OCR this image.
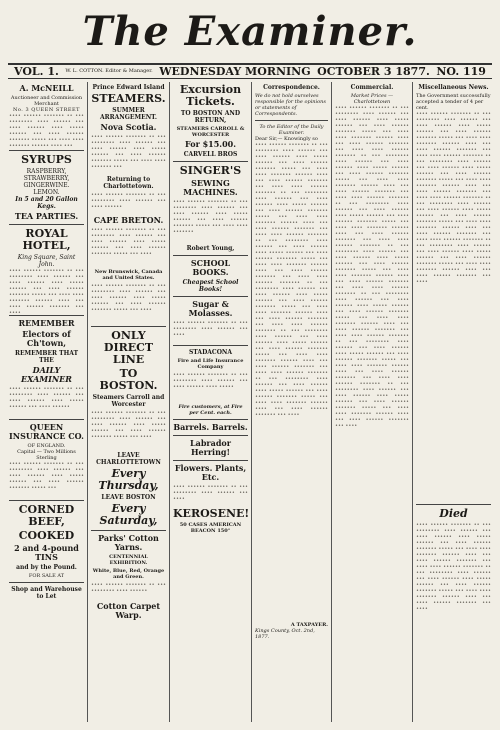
The Examiner.
VOL. 1. W. L. COTTON. Editor & Manager. WEDNESDAY MORNING OCTOBER 3 1877. NO. 119
A. McNEILL
Auctioneer and Commission Merchant
No. 3 QUEEN STREET
•••• •••••• ••••••• •• ••• •••••••• •••• •••••• ••• •••• •••••• •••• ••••• •••••• ••• •••• •••••• ••••••• ••••• ••• •••• •••• ••••••• •••••• •••• •••
SYRUPS
RASPBERRY,
STRAWBERRY,
GINGERWINE.
LEMON.
In 5 and 20 Gallon Kegs.
TEA PARTIES.
ROYAL HOTEL,
King Square, Saint John.
•••• •••••• ••••••• •• ••• •••••••• •••• •••••• ••• •••• •••••• •••• ••••• •••••• ••• •••• •••••• ••••••• ••••• ••• •••• •••• ••••••• •••••• •••• ••• •••• •••••• ••••••• ••• ••••
REMEMBER
Electors of Ch'town,
REMEMBER THAT THE
DAILY EXAMINER
•••• •••••• ••••••• •• ••• •••••••• •••• •••••• ••• •••• •••••• •••• ••••• •••••• ••• •••• ••••••
QUEEN INSURANCE CO.
OF ENGLAND.
Capital — Two Millions Sterling
•••• •••••• ••••••• •• ••• •••••••• •••• •••••• ••• •••• •••••• •••• ••••• •••••• ••• •••• •••••• ••••••• ••••• •••
CORNED BEEF,
COOKED
2 and 4-pound TINS
and by the Pound.
FOR SALE AT
Shop and Warehouse to Let
Prince Edward Island
STEAMERS.
SUMMER ARRANGEMENT.
Nova Scotia.
•••• •••••• ••••••• •• ••• •••••••• •••• •••••• ••• •••• •••••• •••• ••••• •••••• ••• •••• •••••• ••••••• ••••• ••• •••• •••• ••••••• •••
Returning to Charlottetown.
•••• •••••• ••••••• •• ••• •••••••• •••• •••••• ••• •••• ••••••
CAPE BRETON.
•••• •••••• ••••••• •• ••• •••••••• •••• •••••• ••• •••• •••••• •••• ••••• •••••• ••• •••• •••••• ••••••• ••••• ••• ••••
New Brunswick, Canada and United States.
•••• •••••• ••••••• •• ••• •••••••• •••• •••••• ••• •••• •••••• •••• ••••• •••••• ••• •••• •••••• ••••••• ••••• ••• ••••
ONLY DIRECT LINE
TO BOSTON.
Steamers Carroll and Worcester
•••• •••••• ••••••• •• ••• •••••••• •••• •••••• ••• •••• •••••• •••• ••••• •••••• ••• •••• •••••• ••••••• ••••• ••• ••••
LEAVE CHARLOTTETOWN
Every Thursday,
LEAVE BOSTON
Every Saturday,
Parks' Cotton Yarns.
CENTENNIAL EXHIBITION.
White, Blue, Red, Orange and Green.
•••• •••••• ••••••• •• ••• •••••••• •••• ••••••
Cotton Carpet Warp.
Excursion Tickets.
TO BOSTON AND RETURN,
STEAMERS CARROLL & WORCESTER
For $15.00.
CARVELL BROS
SINGER'S
SEWING MACHINES.
•••• •••••• ••••••• •• ••• •••••••• •••• •••••• ••• •••• •••••• •••• ••••• •••••• ••• •••• •••••• ••••••• ••••• ••• •••• •••• •••••••
Robert Young,
SCHOOL BOOKS.
Cheapest School Books!
Sugar & Molasses.
•••• •••••• ••••••• •• ••• •••••••• •••• •••••• ••• ••••
STADACONA
Fire and Life Insurance Company
•••• •••••• ••••••• •• ••• •••••••• •••• •••••• ••• •••• •••••• •••• •••••
Fire customers, at Fire per Cent. each.
Barrels. Barrels.
Labrador Herring!
Flowers. Plants, Etc.
•••• •••••• ••••••• •• ••• •••••••• •••• •••••• ••• ••••
KEROSENE!
50 CASES AMERICAN BEACON 150°
Correspondence.
We do not hold ourselves responsible for the opinions or statements of Correspondents.
To the Editor of the Daily Examiner.
Dear Sir,— Knowingly so
•••• •••••• ••••••• •• ••• •••••••• •••• •••••• ••• •••• •••••• •••• ••••• •••••• ••• •••• •••••• ••••••• ••••• ••• •••• •••• ••••••• •••••• •••• ••• •••• •••••• ••••••• ••• •••• •••• •••••• ••••••• •• ••• •••••••• •••• •••••• ••• •••• •••••• •••• ••••• •••••• ••• •••• •••••• ••••••• ••••• ••• •••• •••• ••••••• •••••• •••• ••• •••• •••••• ••••••• ••• •••• •••• •••••• ••••••• •• ••• •••••••• •••• •••••• ••• •••• •••••• •••• ••••• •••••• ••• •••• •••••• ••••••• ••••• ••• •••• •••• ••••••• •••••• •••• ••• •••• •••••• ••••••• ••• •••• •••• •••••• ••••••• •• ••• •••••••• •••• •••••• ••• •••• •••••• •••• ••••• •••••• ••• •••• •••••• ••••••• ••••• ••• •••• •••• ••••••• •••••• •••• ••• •••• •••••• ••••••• ••• •••• •••• •••••• ••••••• •• ••• •••••••• •••• •••••• ••• •••• •••••• •••• ••••• •••••• ••• •••• •••••• ••••••• ••••• ••• •••• •••• ••••••• •••••• •••• ••• •••• •••••• ••••••• ••• •••• •••• •••••• ••••••• •• ••• •••••••• •••• •••••• ••• •••• •••••• •••• ••••• •••••• ••• •••• •••••• ••••••• ••••• ••• •••• •••• ••••••• •••••• •••• ••• •••• •••••• ••••••• ••• ••••
A TAXPAYER.
Kings County, Oct. 2nd, 1877.
Commercial.
Market Prices — Charlottetown
•••• •••••• ••••••• •• ••• •••••••• •••• •••••• ••• •••• •••••• •••• ••••• •••••• ••• •••• •••••• ••••••• ••••• ••• •••• •••• ••••••• •••••• •••• ••• •••• •••••• ••••••• ••• •••• •••• •••••• ••••••• •• ••• •••••••• •••• •••••• ••• •••• •••••• •••• ••••• •••••• ••• •••• •••••• ••••••• ••••• ••• •••• •••• ••••••• •••••• •••• ••• •••• •••••• ••••••• ••• •••• •••• •••••• ••••••• •• ••• •••••••• •••• •••••• ••• •••• •••••• •••• ••••• •••••• ••• •••• •••••• ••••••• ••••• ••• •••• •••• ••••••• •••••• •••• ••• •••• •••••• ••••••• ••• •••• •••• •••••• ••••••• •• ••• •••••••• •••• •••••• ••• •••• •••••• •••• ••••• •••••• ••• •••• •••••• ••••••• ••••• ••• •••• •••• ••••••• •••••• •••• ••• •••• •••••• ••••••• ••• •••• •••• •••••• ••••••• •• ••• •••••••• •••• •••••• ••• •••• •••••• •••• ••••• •••••• ••• •••• •••••• ••••••• ••••• ••• •••• •••• ••••••• •••••• •••• ••• •••• •••••• ••••••• ••• •••• •••• •••••• ••••••• •• ••• •••••••• •••• •••••• ••• •••• •••••• •••• ••••• •••••• ••• •••• •••••• ••••••• ••••• ••• •••• •••• ••••••• •••••• •••• ••• •••• •••••• ••••••• ••• •••• •••• •••••• ••••••• •• ••• •••••••• •••• •••••• ••• •••• •••••• •••• ••••• •••••• ••• •••• •••••• ••••••• ••••• ••• •••• •••• ••••••• •••••• •••• ••• •••• •••••• ••••••• ••• ••••
Miscellaneous News.
The Government successfully accepted a tender of 4 per cent.
•••• •••••• ••••••• •• ••• •••••••• •••• •••••• ••• •••• •••••• •••• ••••• •••••• ••• •••• •••••• ••••••• ••••• ••• •••• •••• ••••••• •••••• •••• ••• •••• •••••• ••••••• ••• •••• •••• •••••• ••••••• •• ••• •••••••• •••• •••••• ••• •••• •••••• •••• ••••• •••••• ••• •••• •••••• ••••••• ••••• ••• •••• •••• ••••••• •••••• •••• ••• •••• •••••• ••••••• ••• •••• •••• •••••• ••••••• •• ••• •••••••• •••• •••••• ••• •••• •••••• •••• ••••• •••••• ••• •••• •••••• ••••••• ••••• ••• •••• •••• ••••••• •••••• •••• ••• •••• •••••• ••••••• ••• •••• •••• •••••• ••••••• •• ••• •••••••• •••• •••••• ••• •••• •••••• •••• ••••• •••••• ••• •••• •••••• ••••••• ••••• ••• •••• •••• ••••••• •••••• •••• ••• •••• •••••• ••••••• ••• ••••
Died
•••• •••••• ••••••• •• ••• •••••••• •••• •••••• ••• •••• •••••• •••• ••••• •••••• ••• •••• •••••• ••••••• ••••• ••• •••• •••• ••••••• •••••• •••• ••• •••• •••••• ••••••• ••• •••• •••• •••••• ••••••• •• ••• •••••••• •••• •••••• ••• •••• •••••• •••• ••••• •••••• ••• •••• •••••• ••••••• ••••• ••• •••• •••• ••••••• •••••• •••• ••• •••• •••••• ••••••• ••• ••••
